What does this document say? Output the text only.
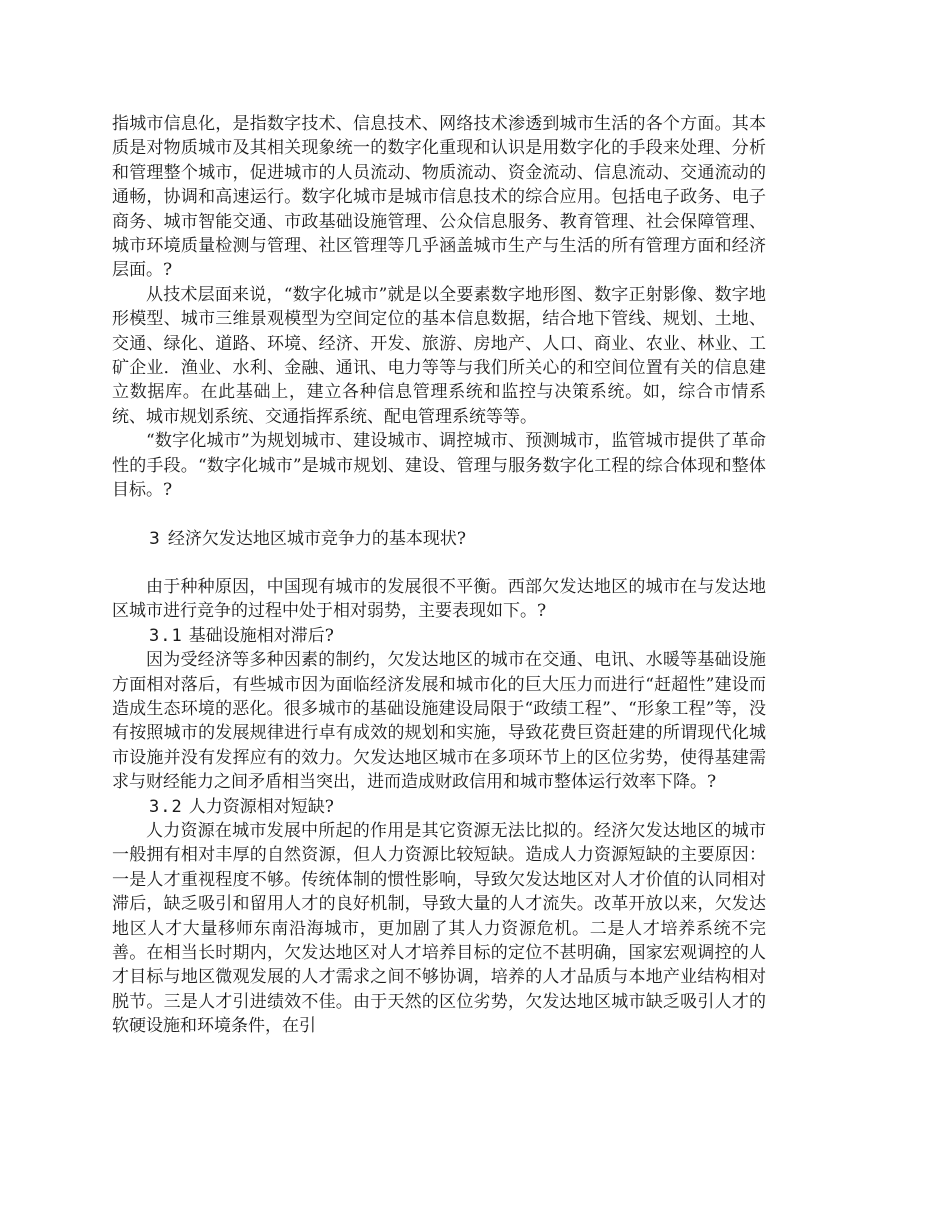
指城市信息化，是指数字技术、信息技术、网络技术渗透到城市生活的各个方面。其本质是对物质城市及其相关现象统一的数字化重现和认识是用数字化的手段来处理、分析和管理整个城市，促进城市的人员流动、物质流动、资金流动、信息流动、交通流动的通畅，协调和高速运行。数字化城市是城市信息技术的综合应用。包括电子政务、电子商务、城市智能交通、市政基础设施管理、公众信息服务、教育管理、社会保障管理、城市环境质量检测与管理、社区管理等几乎涵盖城市生产与生活的所有管理方面和经济层面。?

从技术层面来说，“数字化城市”就是以全要素数字地形图、数字正射影像、数字地形模型、城市三维景观模型为空间定位的基本信息数据，结合地下管线、规划、土地、交通、绿化、道路、环境、经济、开发、旅游、房地产、人口、商业、农业、林业、工矿企业．渔业、水利、金融、通讯、电力等等与我们所关心的和空间位置有关的信息建立数据库。在此基础上，建立各种信息管理系统和监控与决策系统。如，综合市情系统、城市规划系统、交通指挥系统、配电管理系统等等。

“数字化城市”为规划城市、建设城市、调控城市、预测城市，监管城市提供了革命性的手段。“数字化城市”是城市规划、建设、管理与服务数字化工程的综合体现和整体目标。?

3 经济欠发达地区城市竞争力的基本现状?

由于种种原因，中国现有城市的发展很不平衡。西部欠发达地区的城市在与发达地区城市进行竞争的过程中处于相对弱势，主要表现如下。?

3.1 基础设施相对滞后?

因为受经济等多种因素的制约，欠发达地区的城市在交通、电讯、水暖等基础设施方面相对落后，有些城市因为面临经济发展和城市化的巨大压力而进行“赶超性”建设而造成生态环境的恶化。很多城市的基础设施建设局限于“政绩工程”、“形象工程”等，没有按照城市的发展规律进行卓有成效的规划和实施，导致花费巨资赶建的所谓现代化城市设施并没有发挥应有的效力。欠发达地区城市在多项环节上的区位劣势，使得基建需求与财经能力之间矛盾相当突出，进而造成财政信用和城市整体运行效率下降。?

3.2 人力资源相对短缺?

人力资源在城市发展中所起的作用是其它资源无法比拟的。经济欠发达地区的城市一般拥有相对丰厚的自然资源，但人力资源比较短缺。造成人力资源短缺的主要原因：一是人才重视程度不够。传统体制的惯性影响，导致欠发达地区对人才价值的认同相对滞后，缺乏吸引和留用人才的良好机制，导致大量的人才流失。改革开放以来，欠发达地区人才大量移师东南沿海城市，更加剧了其人力资源危机。二是人才培养系统不完善。在相当长时期内，欠发达地区对人才培养目标的定位不甚明确，国家宏观调控的人才目标与地区微观发展的人才需求之间不够协调，培养的人才品质与本地产业结构相对脱节。三是人才引进绩效不佳。由于天然的区位劣势，欠发达地区城市缺乏吸引人才的软硬设施和环境条件，在引
